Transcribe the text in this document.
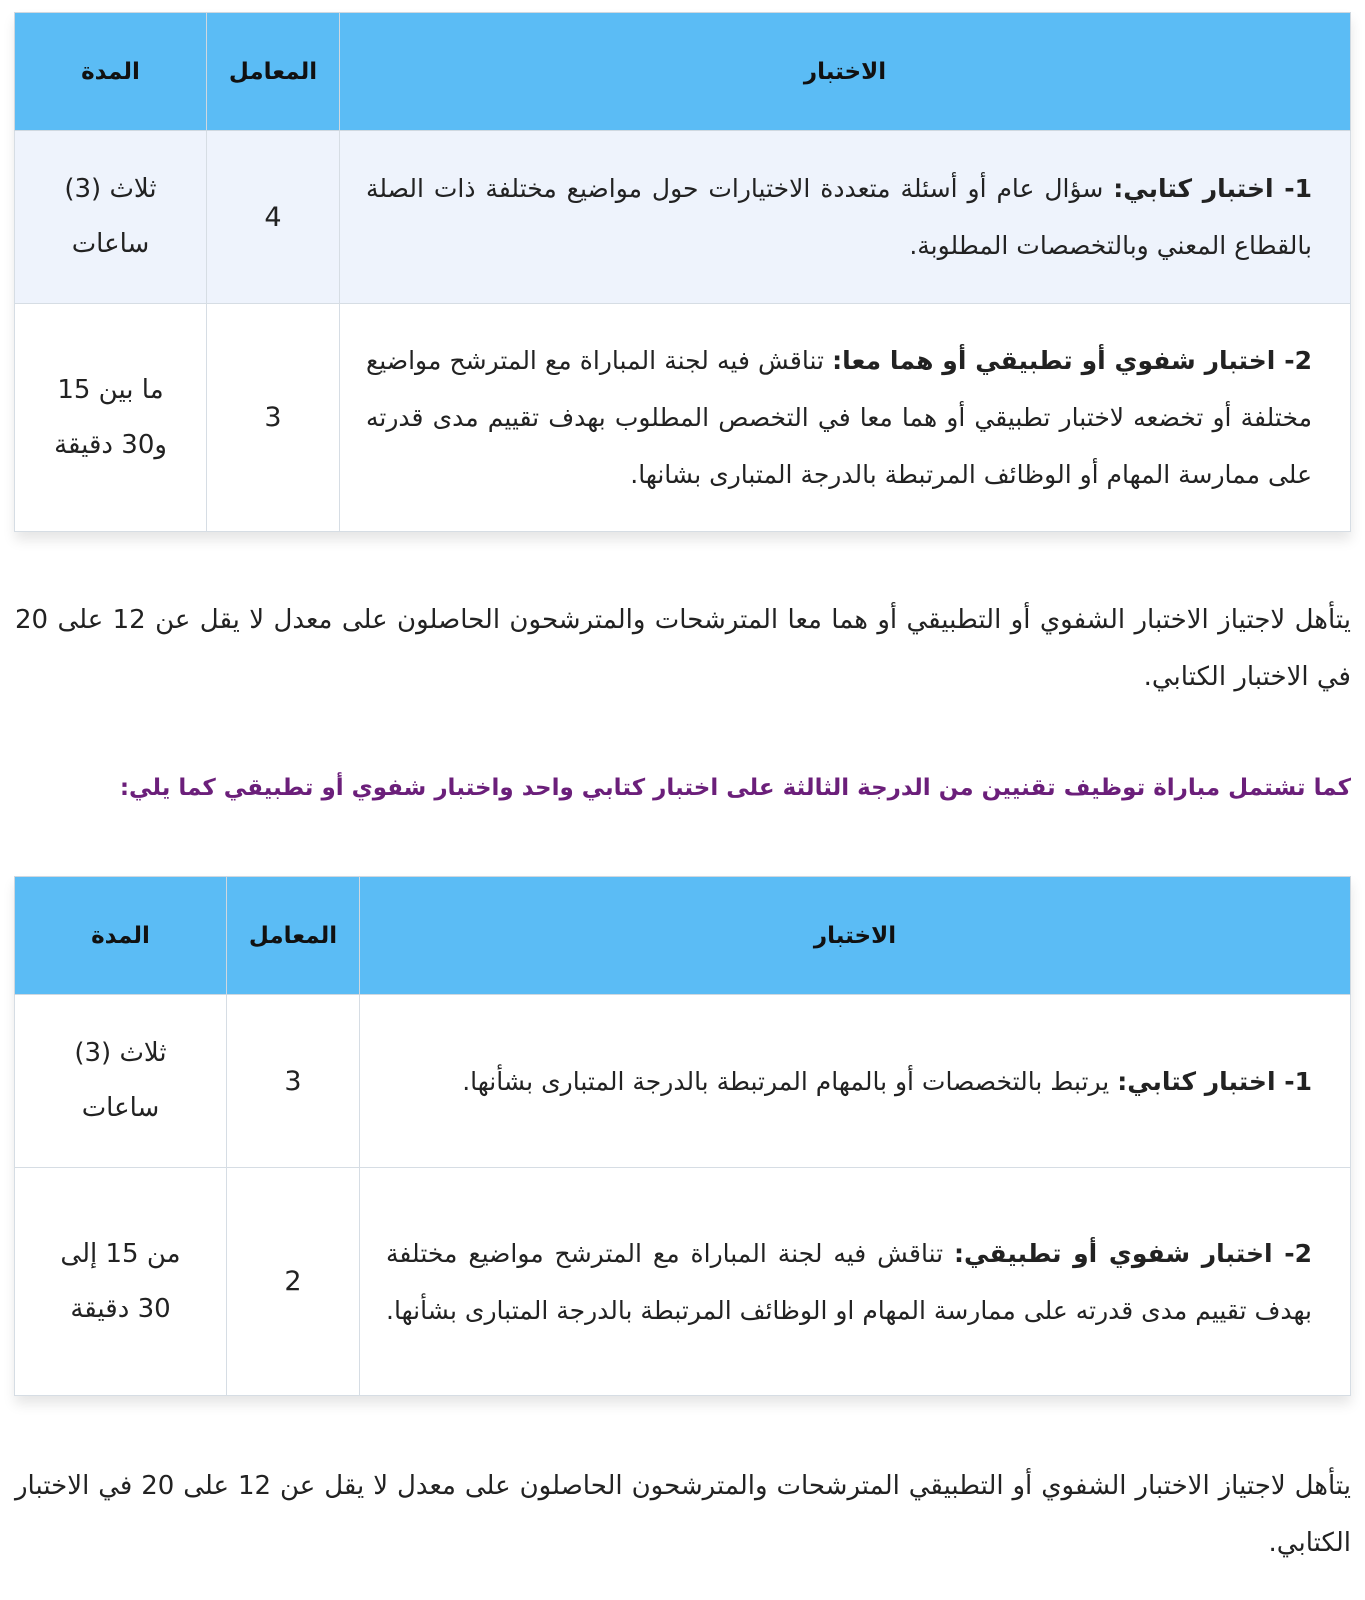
الاختبار	المعامل	المدة
1- اختبار كتابي: سؤال عام أو أسئلة متعددة الاختيارات حول مواضيع مختلفة ذات الصلة بالقطاع المعني وبالتخصصات المطلوبة.	4	ثلاث (3)
ساعات
2- اختبار شفوي أو تطبيقي أو هما معا: تناقش فيه لجنة المباراة مع المترشح مواضيع مختلفة أو تخضعه لاختبار تطبيقي أو هما معا في التخصص المطلوب بهدف تقييم مدى قدرته على ممارسة المهام أو الوظائف المرتبطة بالدرجة المتبارى بشانها.	3	ما بين 15
و30 دقيقة

يتأهل لاجتياز الاختبار الشفوي أو التطبيقي أو هما معا المترشحات والمترشحون الحاصلون على معدل لا يقل عن 12 على 20 في الاختبار الكتابي.

كما تشتمل مباراة توظيف تقنيين من الدرجة الثالثة على اختبار كتابي واحد واختبار شفوي أو تطبيقي كما يلي:

الاختبار	المعامل	المدة
1- اختبار كتابي: يرتبط بالتخصصات أو بالمهام المرتبطة بالدرجة المتبارى بشأنها.	3	ثلاث (3)
ساعات
2- اختبار شفوي أو تطبيقي: تناقش فيه لجنة المباراة مع المترشح مواضيع مختلفة بهدف تقييم مدى قدرته على ممارسة المهام او الوظائف المرتبطة بالدرجة المتبارى بشأنها.	2	من 15 إلى
30 دقيقة

يتأهل لاجتياز الاختبار الشفوي أو التطبيقي المترشحات والمترشحون الحاصلون على معدل لا يقل عن 12 على 20 في الاختبار الكتابي.
